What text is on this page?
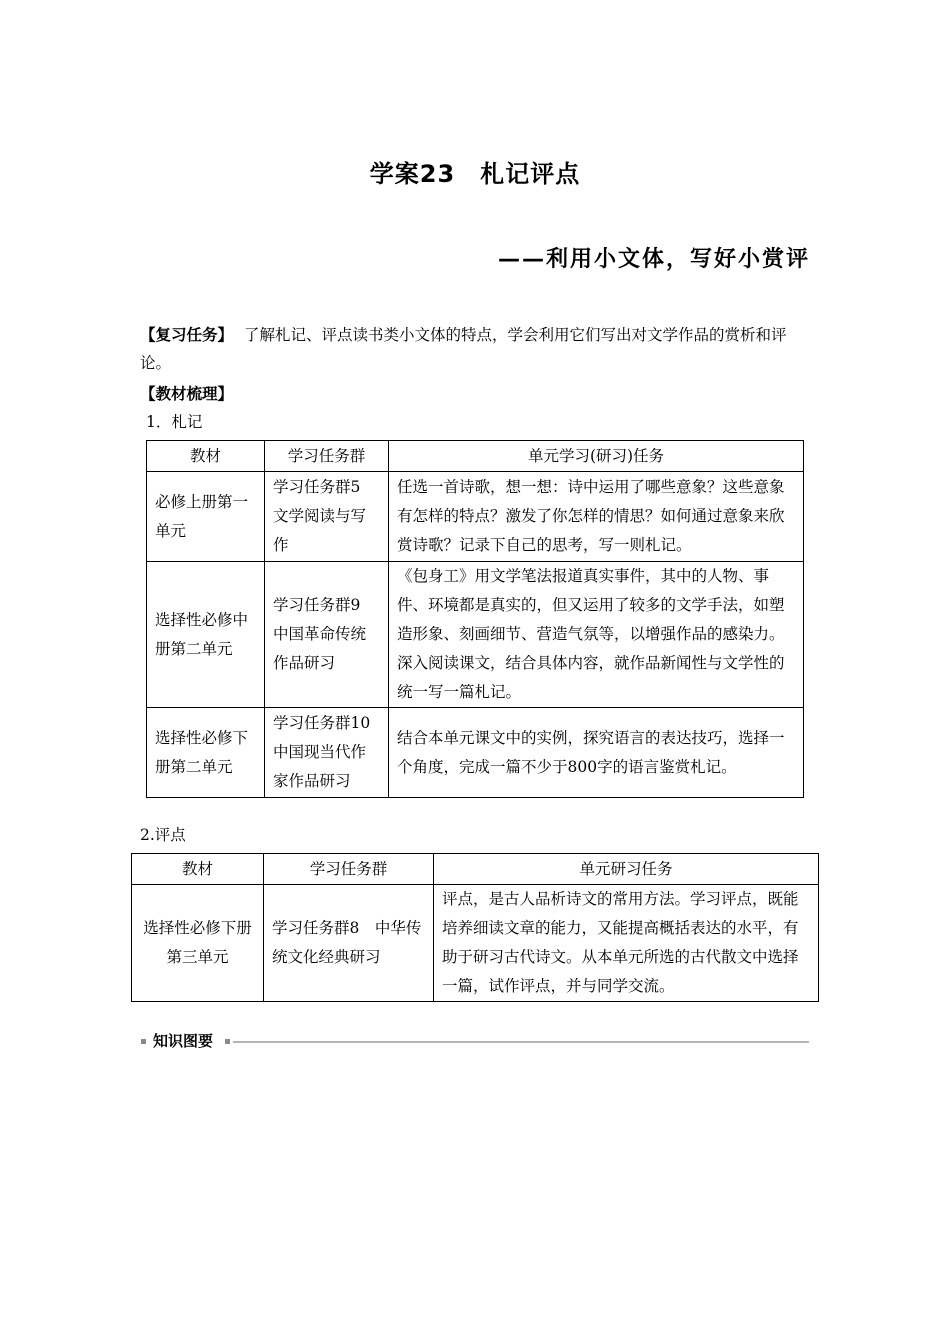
学案23　札记评点
——利用小文体，写好小赏评
【复习任务】 了解札记、评点读书类小文体的特点，学会利用它们写出对文学作品的赏析和评论。
【教材梳理】
1．札记
教材	学习任务群	单元学习(研习)任务
必修上册第一单元	学习任务群5　文学阅读与写作	任选一首诗歌，想一想：诗中运用了哪些意象？这些意象有怎样的特点？激发了你怎样的情思？如何通过意象来欣赏诗歌？记录下自己的思考，写一则札记。
选择性必修中册第二单元	学习任务群9　中国革命传统作品研习	《包身工》用文学笔法报道真实事件，其中的人物、事件、环境都是真实的，但又运用了较多的文学手法，如塑造形象、刻画细节、营造气氛等，以增强作品的感染力。深入阅读课文，结合具体内容，就作品新闻性与文学性的统一写一篇札记。
选择性必修下册第二单元	学习任务群10　中国现当代作家作品研习	结合本单元课文中的实例，探究语言的表达技巧，选择一个角度，完成一篇不少于800字的语言鉴赏札记。
2.评点
教材	学习任务群	单元研习任务
选择性必修下册第三单元	学习任务群8　中华传统文化经典研习	评点，是古人品析诗文的常用方法。学习评点，既能培养细读文章的能力，又能提高概括表达的水平，有助于研习古代诗文。从本单元所选的古代散文中选择一篇，试作评点，并与同学交流。
知识图要
